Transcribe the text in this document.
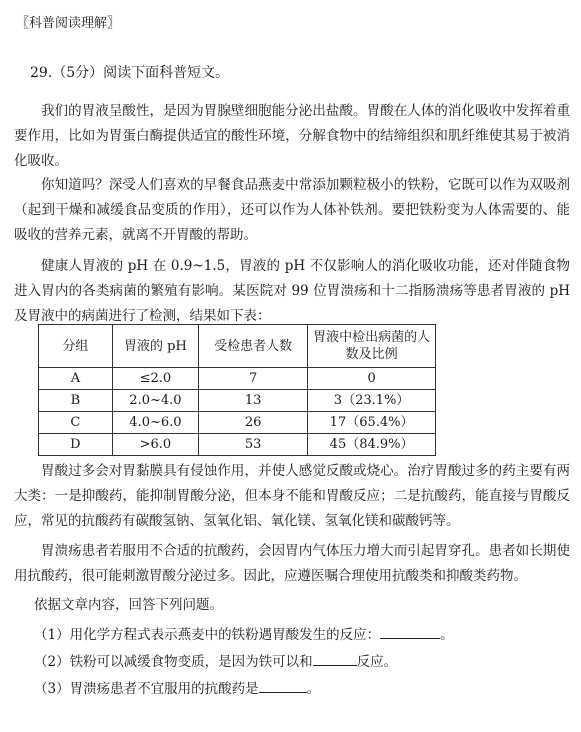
〖科普阅读理解〗
29.（5分）阅读下面科普短文。
我们的胃液呈酸性，是因为胃腺壁细胞能分泌出盐酸。胃酸在人体的消化吸收中发挥着重要作用，比如为胃蛋白酶提供适宜的酸性环境，分解食物中的结缔组织和肌纤维使其易于被消化吸收。
你知道吗？深受人们喜欢的早餐食品燕麦中常添加颗粒极小的铁粉，它既可以作为双吸剂（起到干燥和减缓食品变质的作用），还可以作为人体补铁剂。要把铁粉变为人体需要的、能吸收的营养元素，就离不开胃酸的帮助。
健康人胃液的 pH 在 0.9~1.5，胃液的 pH 不仅影响人的消化吸收功能，还对伴随食物进入胃内的各类病菌的繁殖有影响。某医院对 99 位胃溃疡和十二指肠溃疡等患者胃液的 pH 及胃液中的病菌进行了检测，结果如下表：
分组	胃液的 pH	受检患者人数	胃液中检出病菌的人数及比例
A	≤2.0	7	0
B	2.0~4.0	13	3（23.1%）
C	4.0~6.0	26	17（65.4%）
D	>6.0	53	45（84.9%）
胃酸过多会对胃黏膜具有侵蚀作用，并使人感觉反酸或烧心。治疗胃酸过多的药主要有两大类：一是抑酸药，能抑制胃酸分泌，但本身不能和胃酸反应；二是抗酸药，能直接与胃酸反应，常见的抗酸药有碳酸氢钠、氢氧化铝、氧化镁、氢氧化镁和碳酸钙等。
胃溃疡患者若服用不合适的抗酸药，会因胃内气体压力增大而引起胃穿孔。患者如长期使用抗酸药，很可能刺激胃酸分泌过多。因此，应遵医嘱合理使用抗酸类和抑酸类药物。
依据文章内容，回答下列问题。
（1）用化学方程式表示燕麦中的铁粉遇胃酸发生的反应：	。
（2）铁粉可以减缓食物变质，是因为铁可以和	反应。
（3）胃溃疡患者不宜服用的抗酸药是	。
